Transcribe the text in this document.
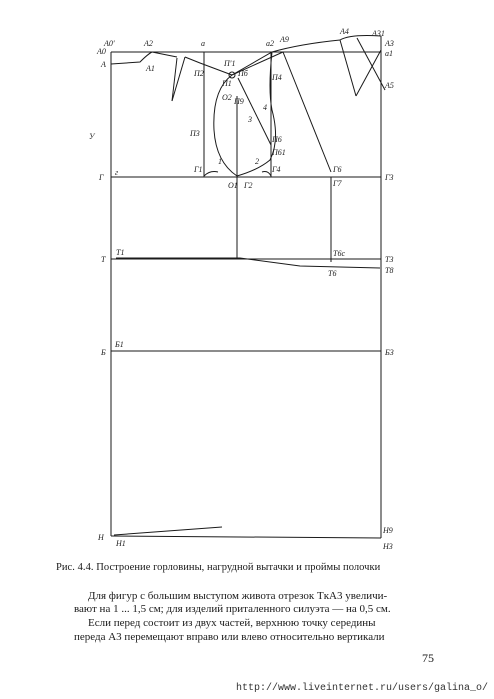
A0′	A2	a	a2 A9
A4	A31
A3
A0	a1
A	A1
П′1
Пб
П2	П4
A5
П1
O2 П9
3
4
У	П3
П6
П61
1	2
Г
г	Г1
O1 Г2
Г4	Г6
Г7
Г3
Т
Т1	Т6с
Т3
Т6	Т8
Б
Б1
Б3
Н
Н1
Н9
Н3
Рис. 4.4. Построение горловины, нагрудной вытачки и проймы полочки
Для фигур с большим выступом живота отрезок TкA3 увеличи-
вают на 1 ... 1,5 см; для изделий приталенного силуэта — на 0,5 см.
Если перед состоит из двух частей, верхнюю точку середины
переда A3 перемещают вправо или влево относительно вертикали
75
http://www.liveinternet.ru/users/galina_o/
